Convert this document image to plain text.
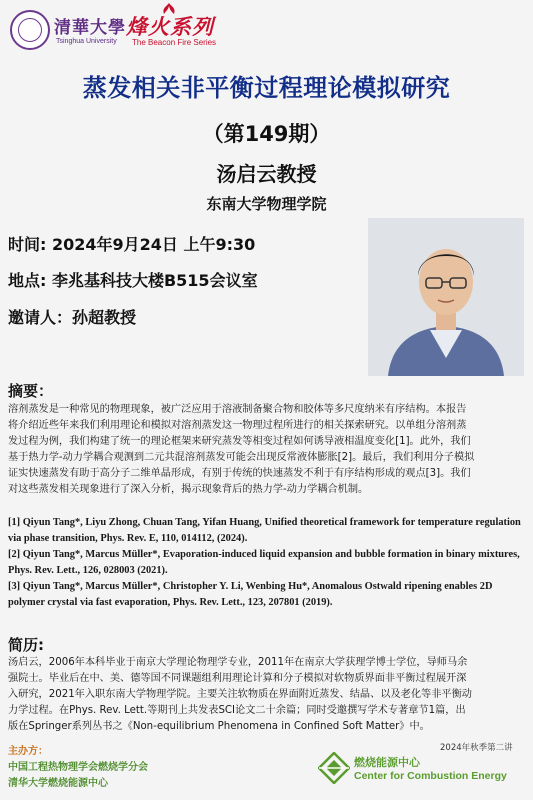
清華大學
Tsinghua University
烽火系列
The Beacon Fire Series
蒸发相关非平衡过程理论模拟研究
（第149期）
汤启云教授
东南大学物理学院
时间: 2024年9月24日 上午9:30
地点: 李兆基科技大楼B515会议室
邀请人：孙超教授
摘要：
溶剂蒸发是一种常见的物理现象，被广泛应用于溶液制备聚合物和胶体等多尺度纳米有序结构。本报告
将介绍近些年来我们利用理论和模拟对溶剂蒸发这一物理过程所进行的相关探索研究。以单组分溶剂蒸
发过程为例，我们构建了统一的理论框架来研究蒸发等相变过程如何诱导液相温度变化[1]。此外，我们
基于热力学-动力学耦合观测到二元共混溶剂蒸发可能会出现反常液体膨胀[2]。最后，我们利用分子模拟
证实快速蒸发有助于高分子二维单晶形成，有别于传统的快速蒸发不利于有序结构形成的观点[3]。我们
对这些蒸发相关现象进行了深入分析，揭示现象背后的热力学-动力学耦合机制。

[1] Qiyun Tang*, Liyu Zhong, Chuan Tang, Yifan Huang, Unified theoretical framework for temperature regulation via phase transition, Phys. Rev. E, 110, 014112, (2024).

[2] Qiyun Tang*, Marcus Müller*, Evaporation-induced liquid expansion and bubble formation in binary mixtures, Phys. Rev. Lett., 126, 028003 (2021).

[3] Qiyun Tang*, Marcus Müller*, Christopher Y. Li, Wenbing Hu*, Anomalous Ostwald ripening enables 2D polymer crystal via fast evaporation, Phys. Rev. Lett., 123, 207801 (2019).

简历:
汤启云，2006年本科毕业于南京大学理论物理学专业，2011年在南京大学获理学博士学位，导师马余
强院士。毕业后在中、美、德等国不同课题组利用理论计算和分子模拟对软物质界面非平衡过程展开深
入研究，2021年入职东南大学物理学院。主要关注软物质在界面附近蒸发、结晶、以及老化等非平衡动
力学过程。在Phys. Rev. Lett.等期刊上共发表SCI论文二十余篇；同时受邀撰写学术专著章节1篇，出
版在Springer系列丛书之《Non-equilibrium Phenomena in Confined Soft Matter》中。
主办方：
中国工程热物理学会燃烧学分会
清华大学燃烧能源中心
2024年秋季第二讲
燃烧能源中心
Center for Combustion Energy
